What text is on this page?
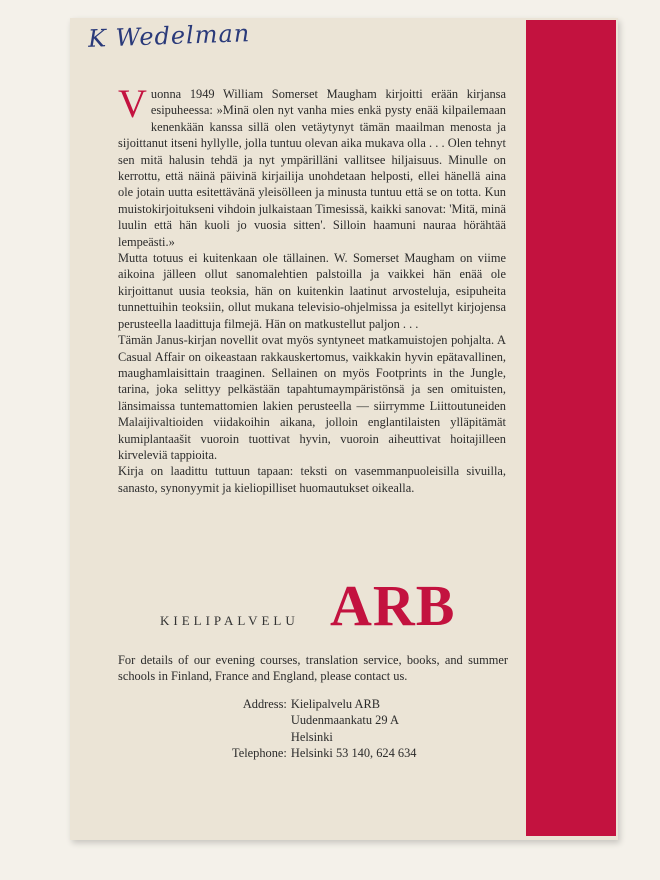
K Wedelman

Vuonna 1949 William Somerset Maugham kirjoitti erään kirjansa esipuheessa: »Minä olen nyt vanha mies enkä pysty enää kilpailemaan kenenkään kanssa sillä olen vetäytynyt tämän maailman menosta ja sijoittanut itseni hyllylle, jolla tuntuu olevan aika mukava olla . . . Olen tehnyt sen mitä halusin tehdä ja nyt ympärilläni vallitsee hiljaisuus. Minulle on kerrottu, että näinä päivinä kirjailija unohdetaan helposti, ellei hänellä aina ole jotain uutta esitettävänä yleisölleen ja minusta tuntuu että se on totta. Kun muistokirjoitukseni vihdoin julkaistaan Timesissä, kaikki sanovat: 'Mitä, minä luulin että hän kuoli jo vuosia sitten'. Silloin haamuni nauraa hörähtää lempeästi.»

Mutta totuus ei kuitenkaan ole tällainen. W. Somerset Maugham on viime aikoina jälleen ollut sanomalehtien palstoilla ja vaikkei hän enää ole kirjoittanut uusia teoksia, hän on kuitenkin laatinut arvosteluja, esipuheita tunnettuihin teoksiin, ollut mukana televisio-ohjelmissa ja esitellyt kirjojensa perusteella laadittuja filmejä. Hän on matkustellut paljon . . .

Tämän Janus-kirjan novellit ovat myös syntyneet matkamuistojen pohjalta. A Casual Affair on oikeastaan rakkauskertomus, vaikkakin hyvin epätavallinen, maughamlaisittain traaginen. Sellainen on myös Footprints in the Jungle, tarina, joka selittyy pelkästään tapahtumaympäristönsä ja sen omituisten, länsimaissa tuntemattomien lakien perusteella — siirrymme Liittoutuneiden Malaijivaltioiden viidakoihin aikana, jolloin englantilaisten ylläpitämät kumiplantaašit vuoroin tuottivat hyvin, vuoroin aiheuttivat hoitajilleen kirveleviä tappioita.

Kirja on laadittu tuttuun tapaan: teksti on vasemmanpuoleisilla sivuilla, sanasto, synonyymit ja kieliopilliset huomautukset oikealla.

KIELIPALVELU ARB
For details of our evening courses, translation service, books, and summer schools in Finland, France and England, please contact us.
Address:	Kielipalvelu ARB
	Uudenmaankatu 29 A
	Helsinki
Telephone:	Helsinki 53 140, 624 634
